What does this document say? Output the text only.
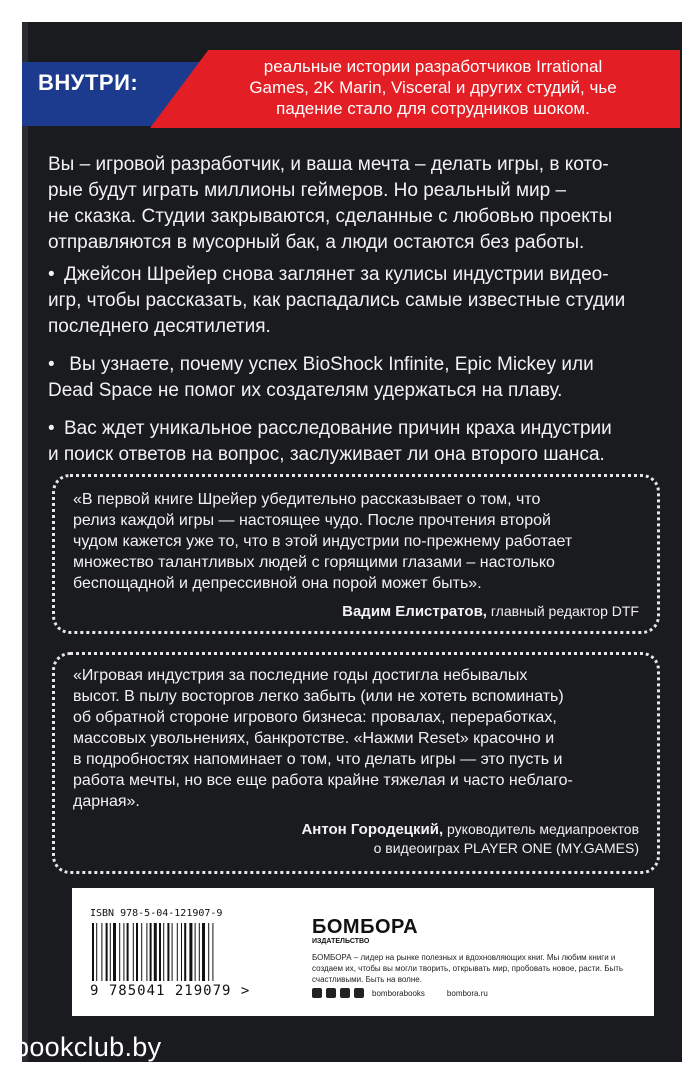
ВНУТРИ:
реальные истории разработчиков Irrational
Games, 2K Marin, Visceral и других студий, чье
падение стало для сотрудников шоком.
Вы – игровой разработчик, и ваша мечта – делать игры, в кото-
рые будут играть миллионы геймеров. Но реальный мир –
не сказка. Студии закрываются, сделанные с любовью проекты
отправляются в мусорный бак, а люди остаются без работы.
• Джейсон Шрейер снова заглянет за кулисы индустрии видео-
игр, чтобы рассказать, как распадались самые известные студии
последнего десятилетия.
• Вы узнаете, почему успех BioShock Infinite, Epic Mickey или
Dead Space не помог их создателям удержаться на плаву.
• Вас ждет уникальное расследование причин краха индустрии
и поиск ответов на вопрос, заслуживает ли она второго шанса.
«В первой книге Шрейер убедительно рассказывает о том, что
релиз каждой игры — настоящее чудо. После прочтения второй
чудом кажется уже то, что в этой индустрии по-прежнему работает
множество талантливых людей с горящими глазами – настолько
беспощадной и депрессивной она порой может быть».
Вадим Елистратов, главный редактор DTF
«Игровая индустрия за последние годы достигла небывалых
высот. В пылу восторгов легко забыть (или не хотеть вспоминать)
об обратной стороне игрового бизнеса: провалах, переработках,
массовых увольнениях, банкротстве. «Нажми Reset» красочно и
в подробностях напоминает о том, что делать игры — это пусть и
работа мечты, но все еще работа крайне тяжелая и часто неблаго-
дарная».
Антон Городецкий, руководитель медиапроектов
о видеоиграх PLAYER ONE (MY.GAMES)
ISBN 978-5-04-121907-9
9 785041 219079 >
БОМБОРА
ИЗДАТЕЛЬСТВО
БОМБОРА – лидер на рынке полезных и вдохновляющих книг. Мы любим книги и создаем их, чтобы вы могли творить, открывать мир, пробовать новое, расти. Быть счастливыми. Быть на волне.
bomborabooks	bombora.ru
bookclub.by
